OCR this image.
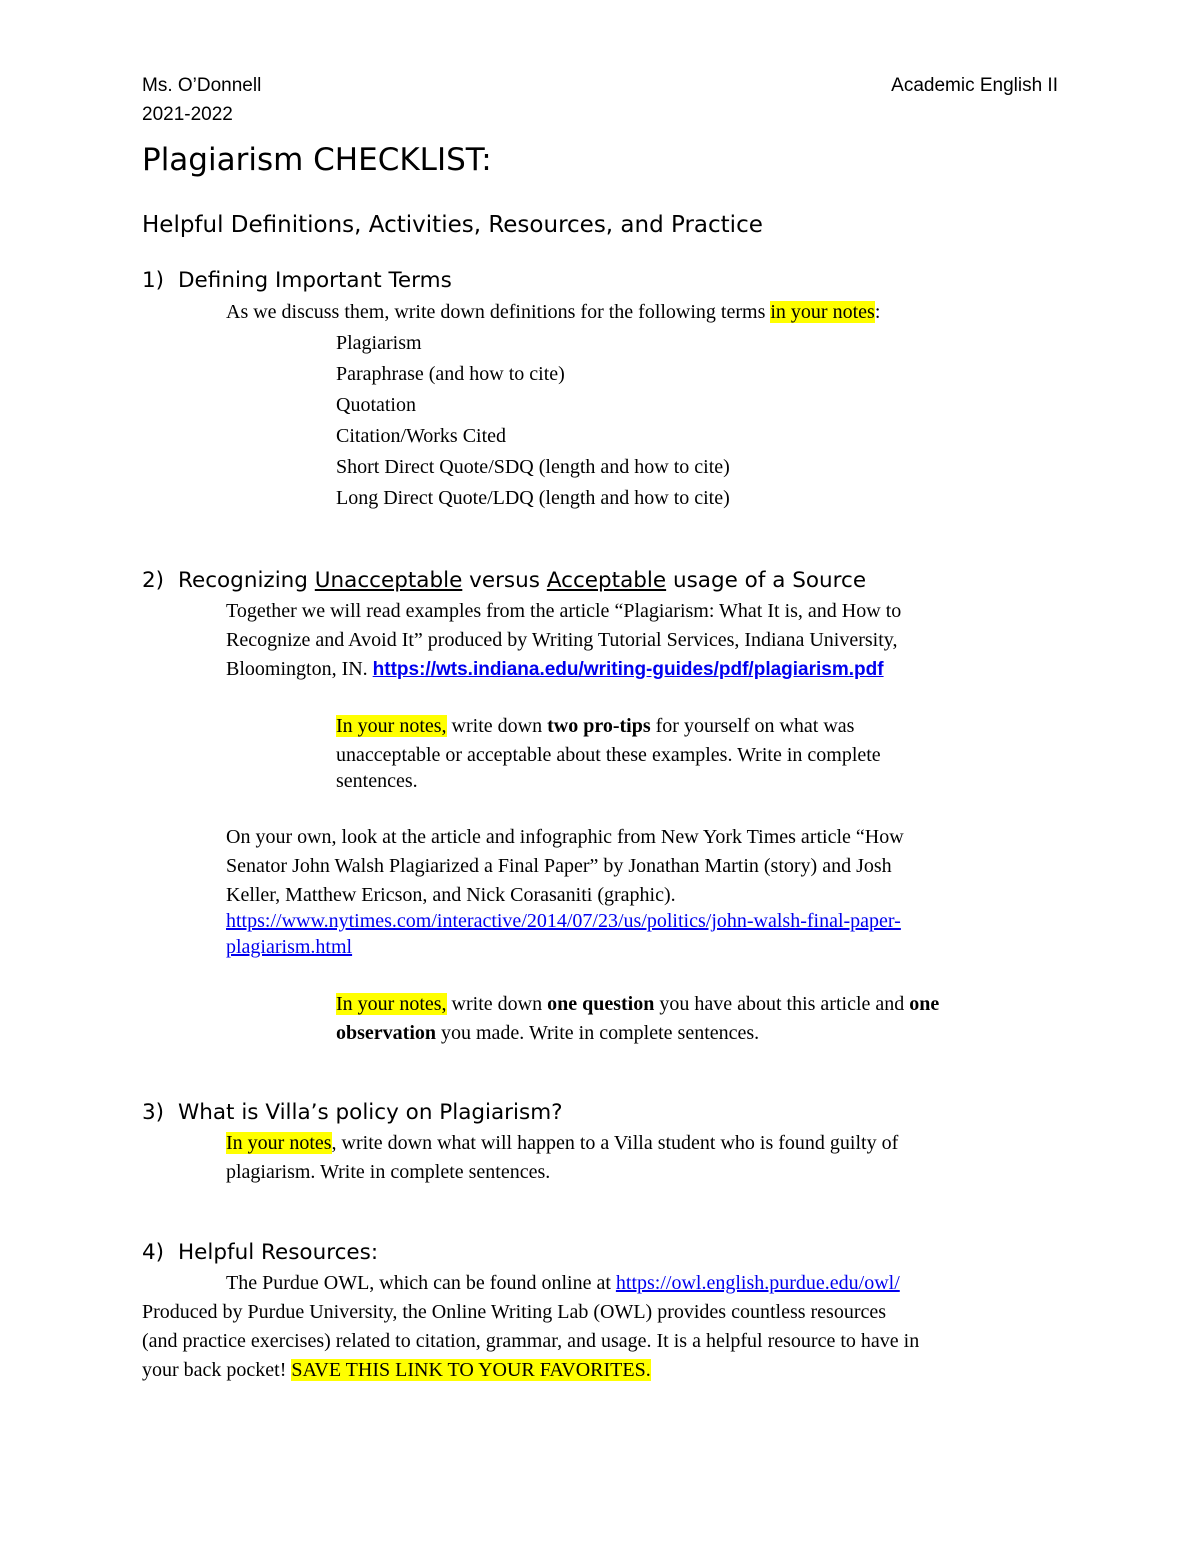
Ms. O’Donnell
2021-2022
Academic English II
Plagiarism CHECKLIST:
Helpful Definitions, Activities, Resources, and Practice
1) Defining Important Terms
As we discuss them, write down definitions for the following terms in your notes:
Plagiarism
Paraphrase (and how to cite)
Quotation
Citation/Works Cited
Short Direct Quote/SDQ (length and how to cite)
Long Direct Quote/LDQ (length and how to cite)
2) Recognizing Unacceptable versus Acceptable usage of a Source
Together we will read examples from the article “Plagiarism: What It is, and How to
Recognize and Avoid It” produced by Writing Tutorial Services, Indiana University,
Bloomington, IN. https://wts.indiana.edu/writing-guides/pdf/plagiarism.pdf
In your notes, write down two pro-tips for yourself on what was
unacceptable or acceptable about these examples. Write in complete
sentences.
On your own, look at the article and infographic from New York Times article “How
Senator John Walsh Plagiarized a Final Paper” by Jonathan Martin (story) and Josh
Keller, Matthew Ericson, and Nick Corasaniti (graphic).
https://www.nytimes.com/interactive/2014/07/23/us/politics/john-walsh-final-paper-
plagiarism.html
In your notes, write down one question you have about this article and one
observation you made. Write in complete sentences.
3) What is Villa’s policy on Plagiarism?
In your notes, write down what will happen to a Villa student who is found guilty of
plagiarism. Write in complete sentences.
4) Helpful Resources:
The Purdue OWL, which can be found online at https://owl.english.purdue.edu/owl/
Produced by Purdue University, the Online Writing Lab (OWL) provides countless resources
(and practice exercises) related to citation, grammar, and usage. It is a helpful resource to have in
your back pocket! SAVE THIS LINK TO YOUR FAVORITES.
